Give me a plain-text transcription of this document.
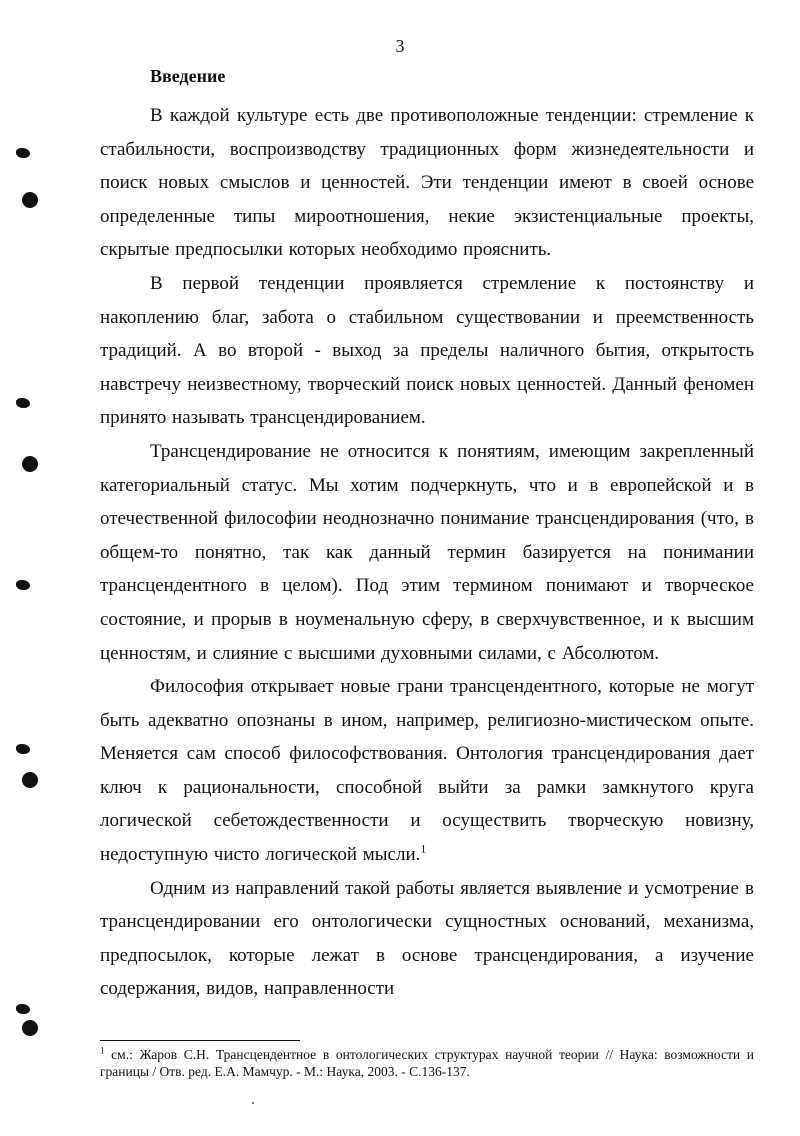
3
Введение

В каждой культуре есть две противоположные тенденции: стремление к стабильности, воспроизводству традиционных форм жизнедеятельности и поиск новых смыслов и ценностей. Эти тенденции имеют в своей основе определенные типы мироотношения, некие экзистенциальные проекты, скрытые предпосылки которых необходимо прояснить.

В первой тенденции проявляется стремление к постоянству и накоплению благ, забота о стабильном существовании и преемственность традиций. А во второй - выход за пределы наличного бытия, открытость навстречу неизвестному, творческий поиск новых ценностей. Данный феномен принято называть трансцендированием.

Трансцендирование не относится к понятиям, имеющим закрепленный категориальный статус. Мы хотим подчеркнуть, что и в европейской и в отечественной философии неоднозначно понимание трансцендирования (что, в общем-то понятно, так как данный термин базируется на понимании трансцендентного в целом). Под этим термином понимают и творческое состояние, и прорыв в ноуменальную сферу, в сверхчувственное, и к высшим ценностям, и слияние с высшими духовными силами, с Абсолютом.

Философия открывает новые грани трансцендентного, которые не могут быть адекватно опознаны в ином, например, религиозно-мистическом опыте. Меняется сам способ философствования. Онтология трансцендирования дает ключ к рациональности, способной выйти за рамки замкнутого круга логической себетождественности и осуществить творческую новизну, недоступную чисто логической мысли.$^1$

Одним из направлений такой работы является выявление и усмотрение в трансцендировании его онтологически сущностных оснований, механизма, предпосылок, которые лежат в основе трансцендирования, а изучение содержания, видов, направленности

$^1$ см.: Жаров С.Н. Трансцендентное в онтологических структурах научной теории // Наука: возможности и границы / Отв. ред. Е.А. Мамчур. - М.: Наука, 2003. - С.136-137.
